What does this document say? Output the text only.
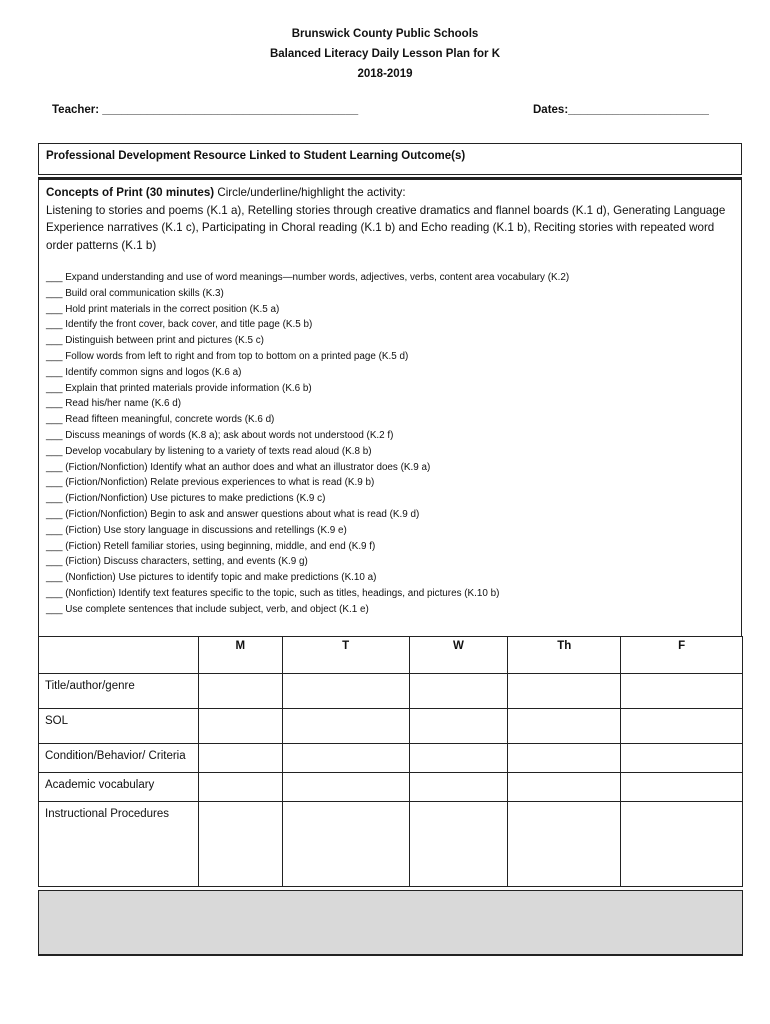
Brunswick County Public Schools
Balanced Literacy Daily Lesson Plan for K
2018-2019
Teacher: ________________________________________	Dates:______________________
Professional Development Resource Linked to Student Learning Outcome(s)
Concepts of Print (30 minutes) Circle/underline/highlight the activity:
Listening to stories and poems (K.1 a), Retelling stories through creative dramatics and flannel boards (K.1 d), Generating Language Experience narratives (K.1 c), Participating in Choral reading (K.1 b) and Echo reading (K.1 b), Reciting stories with repeated word order patterns (K.1 b)
___ Expand understanding and use of word meanings—number words, adjectives, verbs, content area vocabulary (K.2)
___ Build oral communication skills (K.3)
___ Hold print materials in the correct position (K.5 a)
___ Identify the front cover, back cover, and title page (K.5 b)
___ Distinguish between print and pictures (K.5 c)
___ Follow words from left to right and from top to bottom on a printed page (K.5 d)
___ Identify common signs and logos (K.6 a)
___ Explain that printed materials provide information (K.6 b)
___ Read his/her name (K.6 d)
___ Read fifteen meaningful, concrete words (K.6 d)
___ Discuss meanings of words (K.8 a); ask about words not understood (K.2 f)
___ Develop vocabulary by listening to a variety of texts read aloud (K.8 b)
___ (Fiction/Nonfiction) Identify what an author does and what an illustrator does (K.9 a)
___ (Fiction/Nonfiction) Relate previous experiences to what is read (K.9 b)
___ (Fiction/Nonfiction) Use pictures to make predictions (K.9 c)
___ (Fiction/Nonfiction) Begin to ask and answer questions about what is read (K.9 d)
___ (Fiction) Use story language in discussions and retellings (K.9 e)
___ (Fiction) Retell familiar stories, using beginning, middle, and end (K.9 f)
___ (Fiction) Discuss characters, setting, and events (K.9 g)
___ (Nonfiction) Use pictures to identify topic and make predictions (K.10 a)
___ (Nonfiction) Identify text features specific to the topic, such as titles, headings, and pictures (K.10 b)
___ Use complete sentences that include subject, verb, and object (K.1 e)
	M	T	W	Th	F
Title/author/genre					
SOL					
Condition/Behavior/ Criteria					
Academic vocabulary					
Instructional Procedures					
